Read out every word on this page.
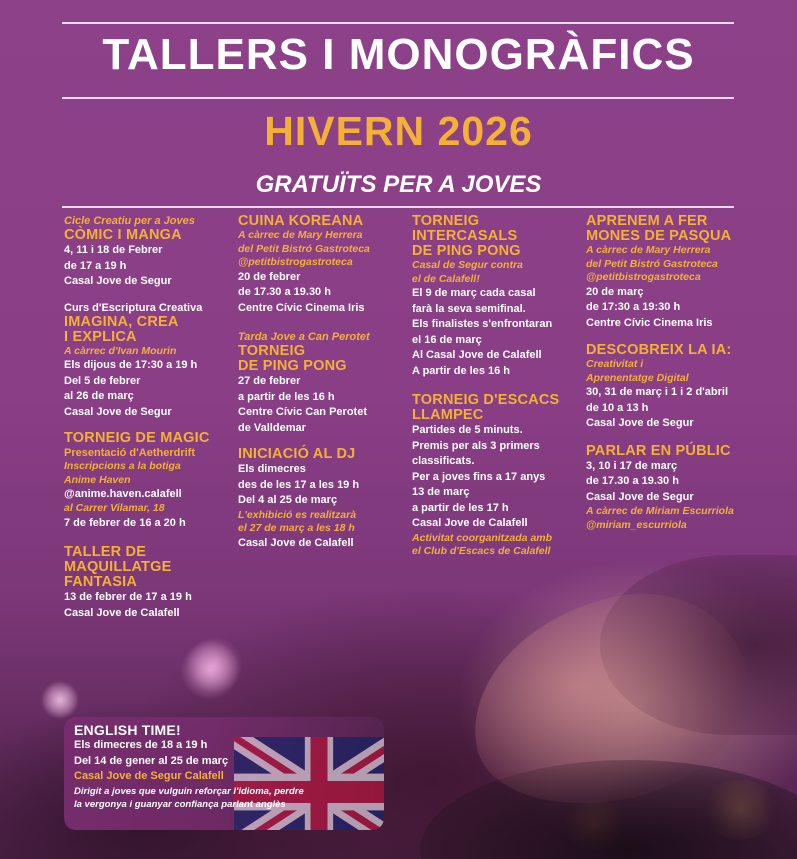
TALLERS I MONOGRÀFICS
HIVERN 2026
GRATUÏTS PER A JOVES
Cicle Creatiu per a Joves
CÒMIC I MANGA
4, 11 i 18 de Febrer
de 17 a 19 h
Casal Jove de Segur
Curs d'Escriptura Creativa
IMAGINA, CREA
I EXPLICA
A càrrec d'Ivan Mourin
Els dijous de 17:30 a 19 h
Del 5 de febrer
al 26 de març
Casal Jove de Segur
TORNEIG DE MAGIC
Presentació d'Aetherdrift
Inscripcions a la botiga
Anime Haven
@anime.haven.calafell
al Carrer Vilamar, 18
7 de febrer de 16 a 20 h
TALLER DE
MAQUILLATGE
FANTASIA
13 de febrer de 17 a 19 h
Casal Jove de Calafell
CUINA KOREANA
A càrrec de Mary Herrera
del Petit Bistró Gastroteca
@petitbistrogastroteca
20 de febrer
de 17.30 a 19.30 h
Centre Cívic Cinema Iris
Tarda Jove a Can Perotet
TORNEIG
DE PING PONG
27 de febrer
a partir de les 16 h
Centre Cívic Can Perotet
de Valldemar
INICIACIÓ AL DJ
Els dimecres
des de les 17 a les 19 h
Del 4 al 25 de març
L'exhibició es realitzarà
el 27 de març a les 18 h
Casal Jove de Calafell
TORNEIG
INTERCASALS
DE PING PONG
Casal de Segur contra
el de Calafell!
El 9 de març cada casal
farà la seva semifinal.
Els finalistes s'enfrontaran
el 16 de març
Al Casal Jove de Calafell
A partir de les 16 h
TORNEIG D'ESCACS
LLAMPEC
Partides de 5 minuts.
Premis per als 3 primers
classificats.
Per a joves fins a 17 anys
13 de març
a partir de les 17 h
Casal Jove de Calafell
Activitat coorganitzada amb
el Club d'Escacs de Calafell
APRENEM A FER
MONES DE PASQUA
A càrrec de Mary Herrera
del Petit Bistró Gastroteca
@petitbistrogastroteca
20 de març
de 17:30 a 19:30 h
Centre Cívic Cinema Iris
DESCOBREIX LA IA:
Creativitat i
Aprenentatge Digital
30, 31 de març i 1 i 2 d'abril
de 10 a 13 h
Casal Jove de Segur
PARLAR EN PÚBLIC
3, 10 i 17 de març
de 17.30 a 19.30 h
Casal Jove de Segur
A càrrec de Miriam Escurriola
@miriam_escurriola
ENGLISH TIME!
Els dimecres de 18 a 19 h
Del 14 de gener al 25 de març
Casal Jove de Segur Calafell
Dirigit a joves que vulguin reforçar l'idioma, perdre
la vergonya i guanyar confiança parlant anglès
